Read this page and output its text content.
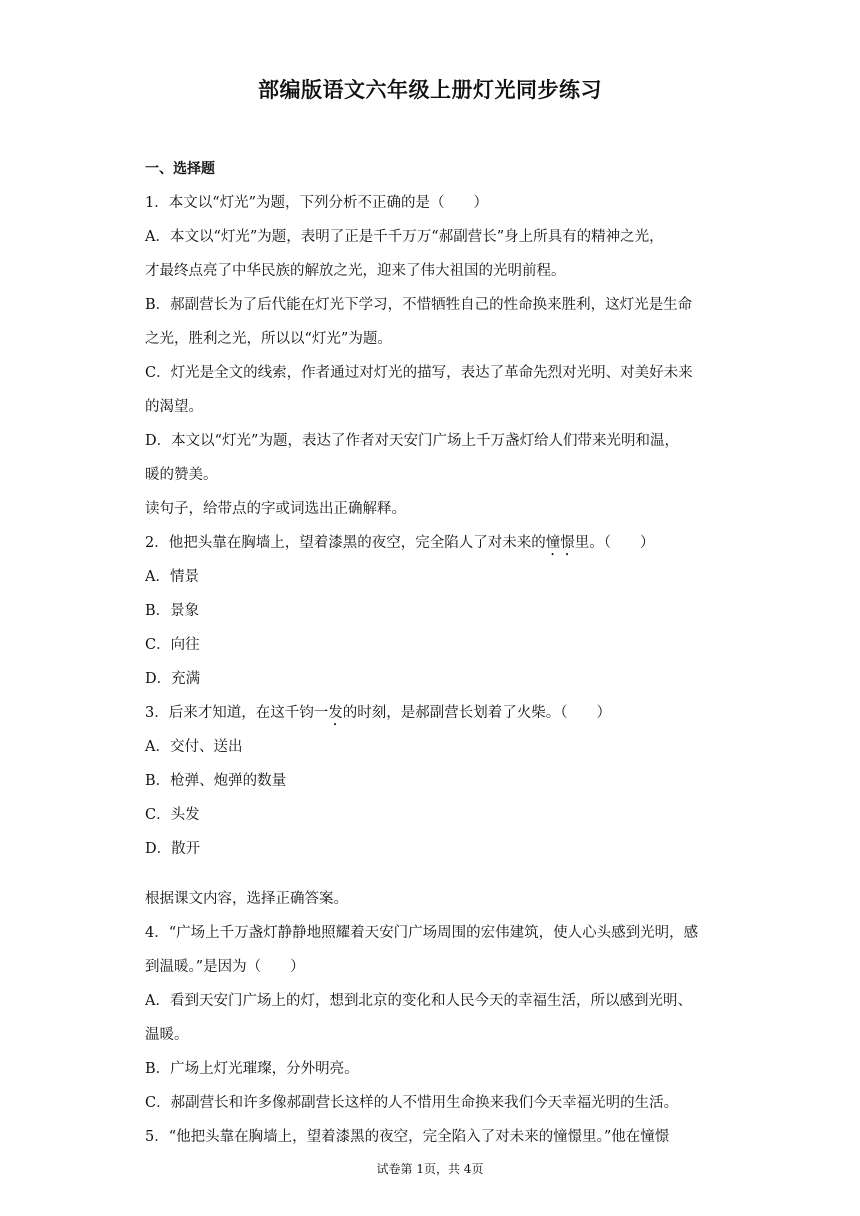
部编版语文六年级上册灯光同步练习

一、选择题

1．本文以“灯光”为题，下列分析不正确的是（　　）

A．本文以“灯光”为题，表明了正是千千万万“郝副营长”身上所具有的精神之光，

才最终点亮了中华民族的解放之光，迎来了伟大祖国的光明前程。

B．郝副营长为了后代能在灯光下学习，不惜牺牲自己的性命换来胜利，这灯光是生命

之光，胜利之光，所以以“灯光”为题。

C．灯光是全文的线索，作者通过对灯光的描写，表达了革命先烈对光明、对美好未来

的渴望。

D．本文以“灯光”为题，表达了作者对天安门广场上千万盏灯给人们带来光明和温，

暖的赞美。

读句子，给带点的字或词选出正确解释。

2．他把头靠在胸墙上，望着漆黑的夜空，完全陷人了对未来的憧憬里。（　　）

A．情景

B．景象

C．向往

D．充满

3．后来才知道，在这千钧一发的时刻，是郝副营长划着了火柴。（　　）

A．交付、送出

B．枪弹、炮弹的数量

C．头发

D．散开

根据课文内容，选择正确答案。

4．“广场上千万盏灯静静地照耀着天安门广场周围的宏伟建筑，使人心头感到光明，感

到温暖。”是因为（　　）

A．看到天安门广场上的灯，想到北京的变化和人民今天的幸福生活，所以感到光明、

温暖。

B．广场上灯光璀璨，分外明亮。

C．郝副营长和许多像郝副营长这样的人不惜用生命换来我们今天幸福光明的生活。

5．“他把头靠在胸墙上，望着漆黑的夜空，完全陷入了对未来的憧憬里。”他在憧憬

试卷第 1页，共 4页
